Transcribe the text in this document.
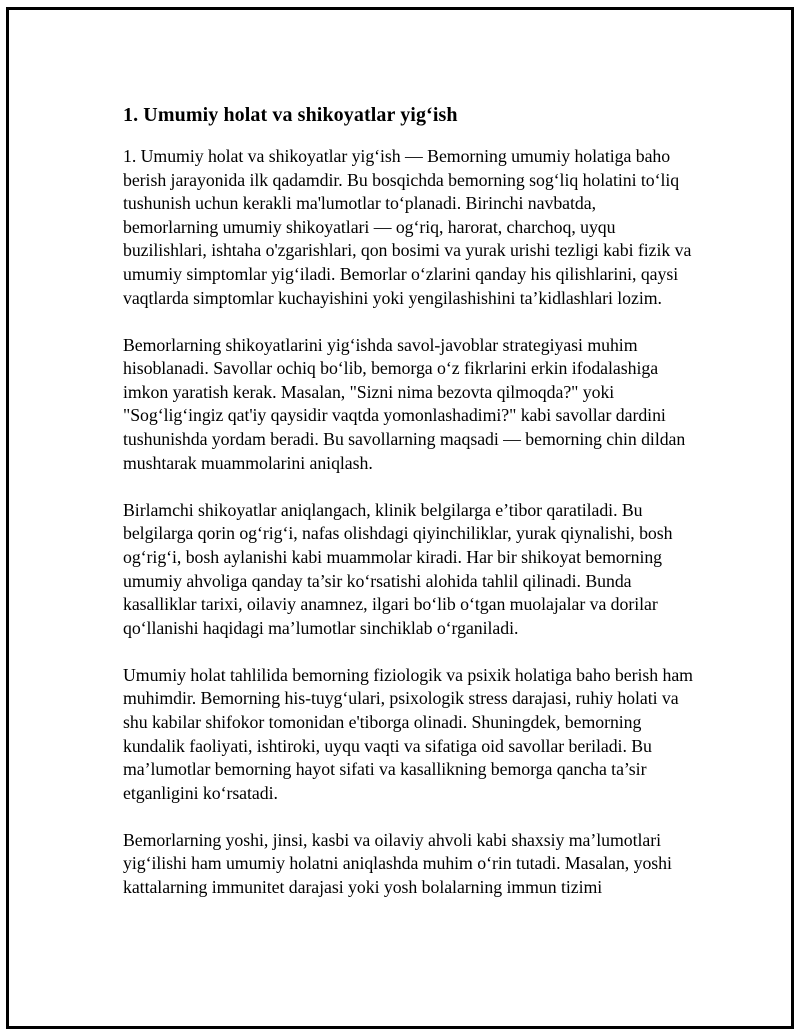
1. Umumiy holat va shikoyatlar yig‘ish

1. Umumiy holat va shikoyatlar yig‘ish — Bemorning umumiy holatiga baho berish jarayonida ilk qadamdir. Bu bosqichda bemorning sog‘liq holatini to‘liq tushunish uchun kerakli ma'lumotlar to‘planadi. Birinchi navbatda, bemorlarning umumiy shikoyatlari — og‘riq, harorat, charchoq, uyqu buzilishlari, ishtaha o'zgarishlari, qon bosimi va yurak urishi tezligi kabi fizik va umumiy simptomlar yig‘iladi. Bemorlar o‘zlarini qanday his qilishlarini, qaysi vaqtlarda simptomlar kuchayishini yoki yengilashishini ta’kidlashlari lozim.

Bemorlarning shikoyatlarini yig‘ishda savol-javoblar strategiyasi muhim hisoblanadi. Savollar ochiq bo‘lib, bemorga o‘z fikrlarini erkin ifodalashiga imkon yaratish kerak. Masalan, "Sizni nima bezovta qilmoqda?" yoki "Sog‘lig‘ingiz qat'iy qaysidir vaqtda yomonlashadimi?" kabi savollar dardini tushunishda yordam beradi. Bu savollarning maqsadi — bemorning chin dildan mushtarak muammolarini aniqlash.

Birlamchi shikoyatlar aniqlangach, klinik belgilarga e’tibor qaratiladi. Bu belgilarga qorin og‘rig‘i, nafas olishdagi qiyinchiliklar, yurak qiynalishi, bosh og‘rig‘i, bosh aylanishi kabi muammolar kiradi. Har bir shikoyat bemorning umumiy ahvoliga qanday ta’sir ko‘rsatishi alohida tahlil qilinadi. Bunda kasalliklar tarixi, oilaviy anamnez, ilgari bo‘lib o‘tgan muolajalar va dorilar qo‘llanishi haqidagi ma’lumotlar sinchiklab o‘rganiladi.

Umumiy holat tahlilida bemorning fiziologik va psixik holatiga baho berish ham muhimdir. Bemorning his-tuyg‘ulari, psixologik stress darajasi, ruhiy holati va shu kabilar shifokor tomonidan e'tiborga olinadi. Shuningdek, bemorning kundalik faoliyati, ishtiroki, uyqu vaqti va sifatiga oid savollar beriladi. Bu ma’lumotlar bemorning hayot sifati va kasallikning bemorga qancha ta’sir etganligini ko‘rsatadi.

Bemorlarning yoshi, jinsi, kasbi va oilaviy ahvoli kabi shaxsiy ma’lumotlari yig‘ilishi ham umumiy holatni aniqlashda muhim o‘rin tutadi. Masalan, yoshi kattalarning immunitet darajasi yoki yosh bolalarning immun tizimi
